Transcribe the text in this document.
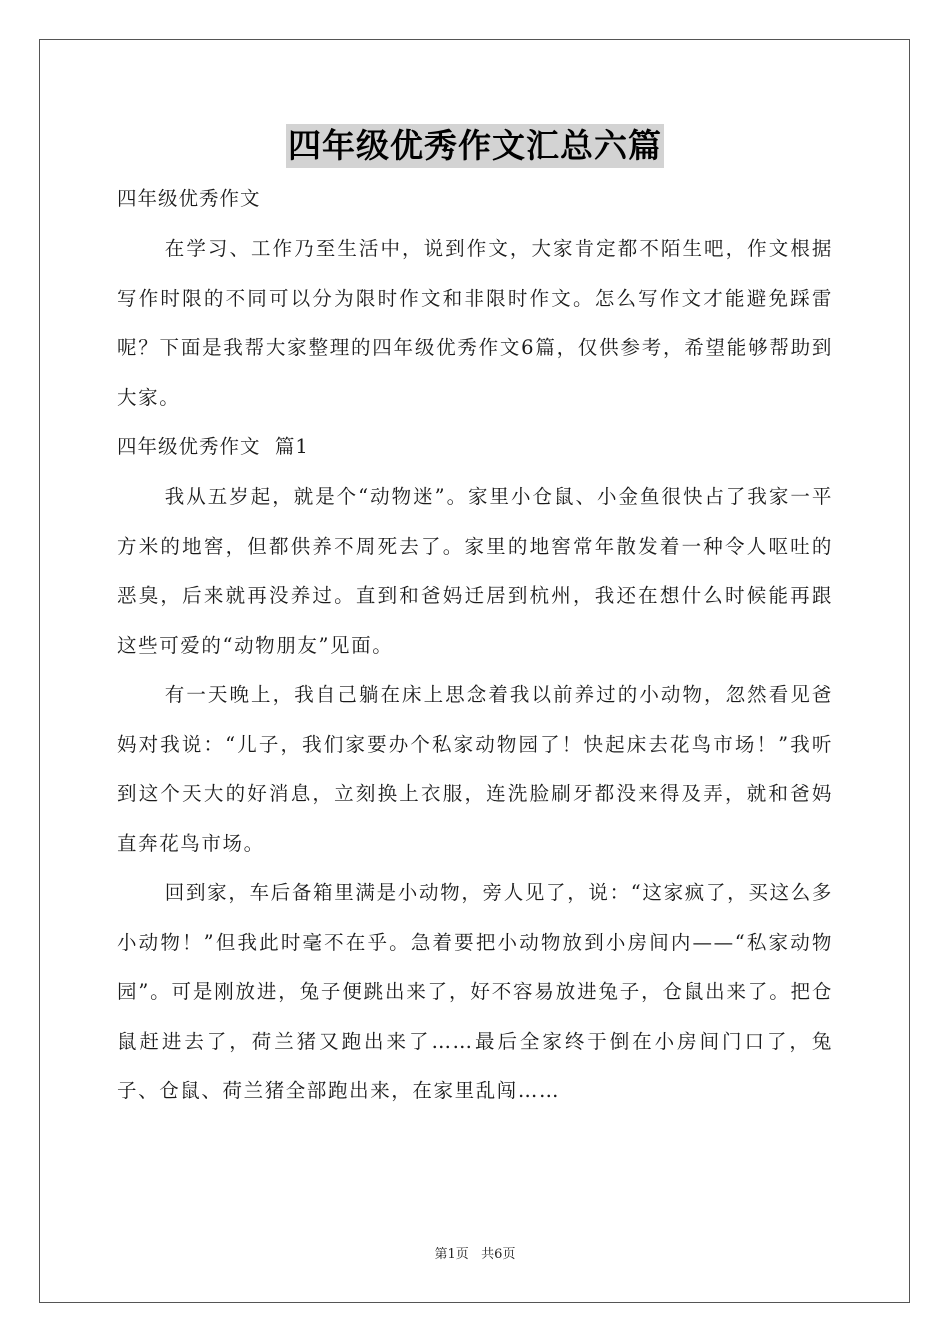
四年级优秀作文汇总六篇

四年级优秀作文

在学习、工作乃至生活中，说到作文，大家肯定都不陌生吧，作文根据写作时限的不同可以分为限时作文和非限时作文。怎么写作文才能避免踩雷呢？下面是我帮大家整理的四年级优秀作文6篇，仅供参考，希望能够帮助到大家。

四年级优秀作文  篇1

我从五岁起，就是个“动物迷”。家里小仓鼠、小金鱼很快占了我家一平方米的地窖，但都供养不周死去了。家里的地窖常年散发着一种令人呕吐的恶臭，后来就再没养过。直到和爸妈迁居到杭州，我还在想什么时候能再跟这些可爱的“动物朋友”见面。

有一天晚上，我自己躺在床上思念着我以前养过的小动物，忽然看见爸妈对我说：“儿子，我们家要办个私家动物园了！快起床去花鸟市场！”我听到这个天大的好消息，立刻换上衣服，连洗脸刷牙都没来得及弄，就和爸妈直奔花鸟市场。

回到家，车后备箱里满是小动物，旁人见了，说：“这家疯了，买这么多小动物！”但我此时毫不在乎。急着要把小动物放到小房间内——“私家动物园”。可是刚放进，兔子便跳出来了，好不容易放进兔子，仓鼠出来了。把仓鼠赶进去了，荷兰猪又跑出来了……最后全家终于倒在小房间门口了，兔子、仓鼠、荷兰猪全部跑出来，在家里乱闯……

第1页   共6页
